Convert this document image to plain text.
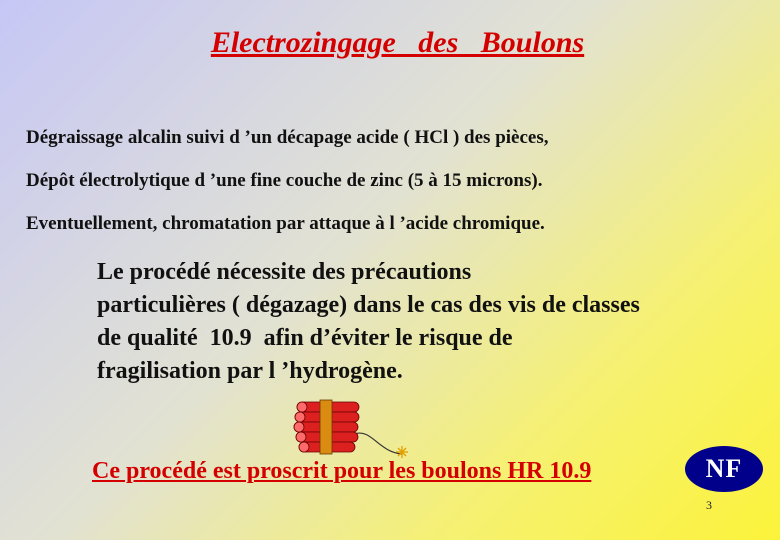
Electrozingage   des   Boulons
Dégraissage alcalin suivi d ’un décapage acide ( HCl ) des pièces,
Dépôt électrolytique d ’une fine couche de zinc (5 à 15 microns).
Eventuellement, chromatation par attaque à l ’acide chromique.
Le procédé nécessite des précautions
particulières ( dégazage) dans le cas des vis de classes
de qualité  10.9  afin d’éviter le risque de
fragilisation par l ’hydrogène.
Ce procédé est proscrit pour les boulons HR 10.9	NF
3
